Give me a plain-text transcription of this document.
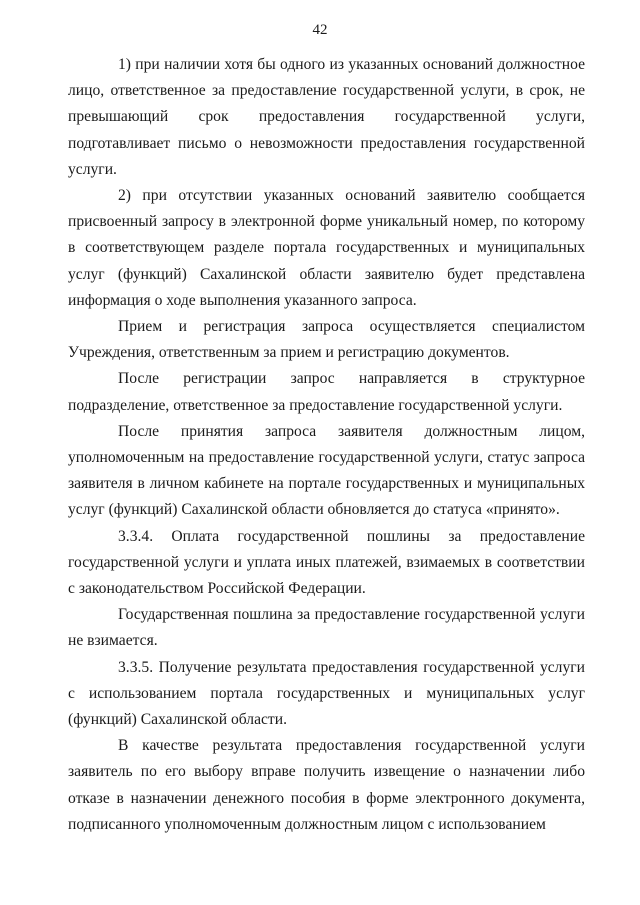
42

1) при наличии хотя бы одного из указанных оснований должностное лицо, ответственное за предоставление государственной услуги, в срок, не превышающий срок предоставления государственной услуги, подготавливает письмо о невозможности предоставления государственной услуги.

2) при отсутствии указанных оснований заявителю сообщается присвоенный запросу в электронной форме уникальный номер, по которому в соответствующем разделе портала государственных и муниципальных услуг (функций) Сахалинской области заявителю будет представлена информация о ходе выполнения указанного запроса.

Прием и регистрация запроса осуществляется специалистом Учреждения, ответственным за прием и регистрацию документов.

После регистрации запрос направляется в структурное подразделение, ответственное за предоставление государственной услуги.

После принятия запроса заявителя должностным лицом, уполномоченным на предоставление государственной услуги, статус запроса заявителя в личном кабинете на портале государственных и муниципальных услуг (функций) Сахалинской области обновляется до статуса «принято».

3.3.4. Оплата государственной пошлины за предоставление государственной услуги и уплата иных платежей, взимаемых в соответствии с законодательством Российской Федерации.

Государственная пошлина за предоставление государственной услуги не взимается.

3.3.5. Получение результата предоставления государственной услуги с использованием портала государственных и муниципальных услуг (функций) Сахалинской области.

В качестве результата предоставления государственной услуги заявитель по его выбору вправе получить извещение о назначении либо отказе в назначении денежного пособия в форме электронного документа, подписанного уполномоченным должностным лицом с использованием
